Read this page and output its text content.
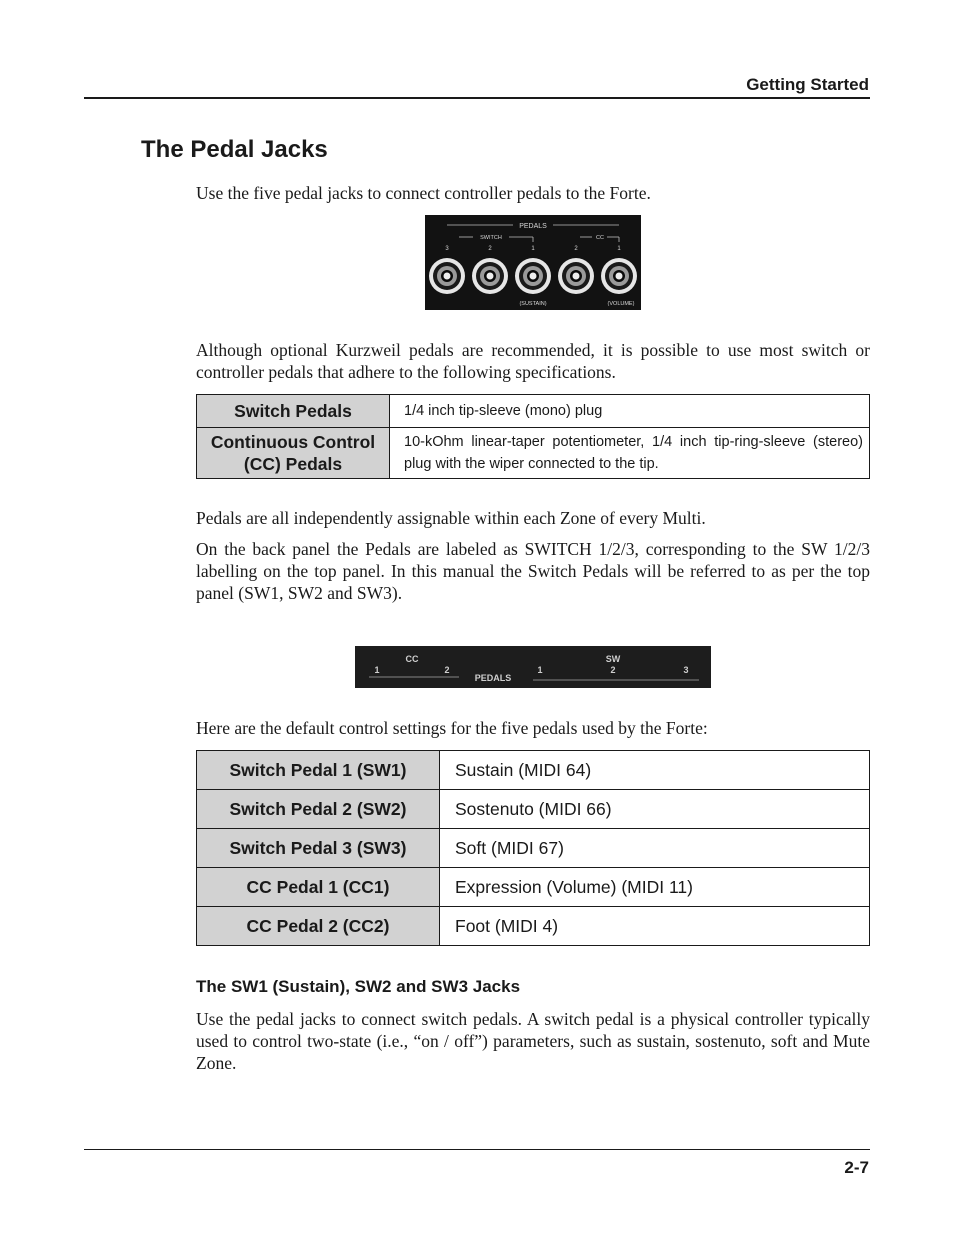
Getting Started
The Pedal Jacks

Use the five pedal jacks to connect controller pedals to the Forte.

PEDALS
SWITCH	CC
3	2	1	2	1
(SUSTAIN)	(VOLUME)

Although optional Kurzweil pedals are recommended, it is possible to use most switch or controller pedals that adhere to the following specifications.

Switch Pedals	1/4 inch tip-sleeve (mono) plug
Continuous Control (CC) Pedals	10-kOhm linear-taper potentiometer, 1/4 inch tip-ring-sleeve (stereo) plug with the wiper connected to the tip.

Pedals are all independently assignable within each Zone of every Multi.

On the back panel the Pedals are labeled as SWITCH 1/2/3, corresponding to the SW 1/2/3 labelling on the top panel. In this manual the Switch Pedals will be referred to as per the top panel (SW1, SW2 and SW3).

CC
1	2
PEDALS
SW
1	2	3

Here are the default control settings for the five pedals used by the Forte:

Switch Pedal 1 (SW1)	Sustain (MIDI 64)
Switch Pedal 2 (SW2)	Sostenuto (MIDI 66)
Switch Pedal 3 (SW3)	Soft (MIDI 67)
CC Pedal 1 (CC1)	Expression (Volume) (MIDI 11)
CC Pedal 2 (CC2)	Foot (MIDI 4)
The SW1 (Sustain), SW2 and SW3 Jacks

Use the pedal jacks to connect switch pedals. A switch pedal is a physical controller typically used to control two-state (i.e., “on / off”) parameters, such as sustain, sostenuto, soft and Mute Zone.

2-7
